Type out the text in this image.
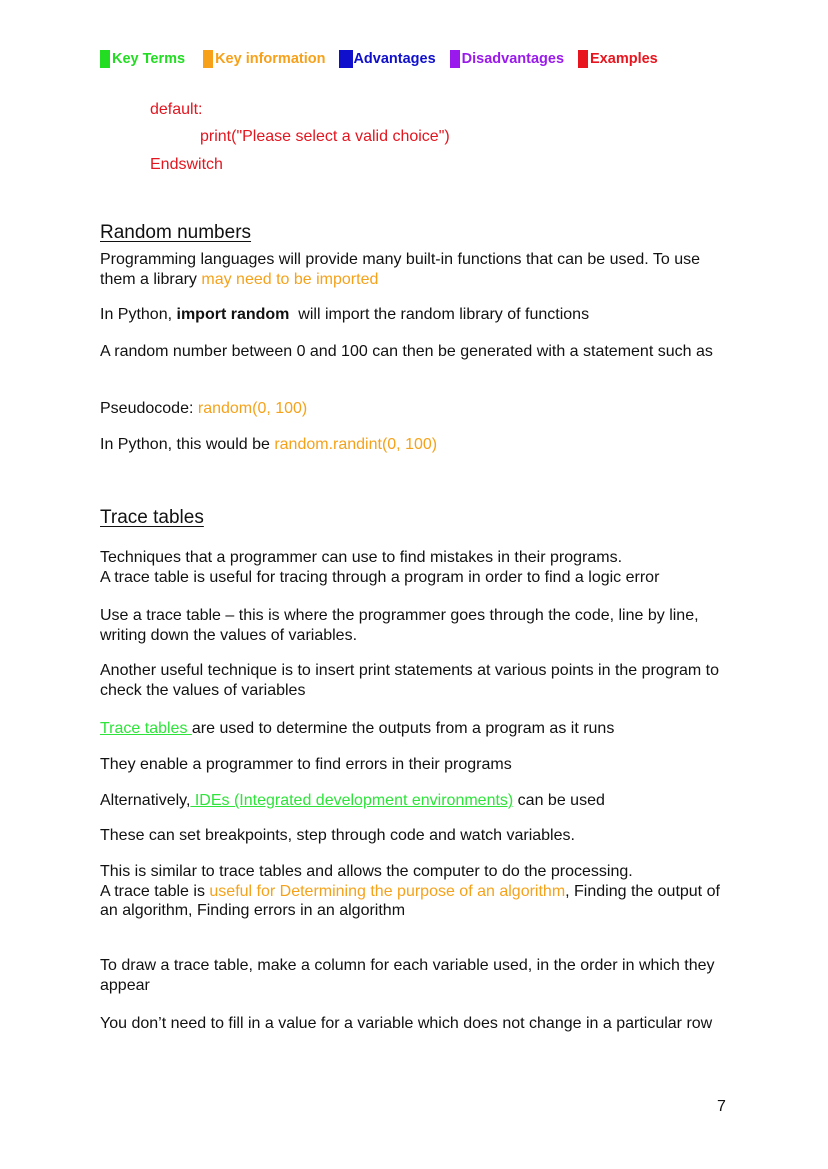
Key Terms Key information Advantages Disadvantages Examples
default:
print("Please select a valid choice")
Endswitch
Random numbers
Programming languages will provide many built-in functions that can be used. To use them a library may need to be imported
In Python, import random  will import the random library of functions
A random number between 0 and 100 can then be generated with a statement such as
Pseudocode: random(0, 100)
In Python, this would be random.randint(0, 100)
Trace tables
Techniques that a programmer can use to find mistakes in their programs.
A trace table is useful for tracing through a program in order to find a logic error
Use a trace table – this is where the programmer goes through the code, line by line, writing down the values of variables.
Another useful technique is to insert print statements at various points in the program to check the values of variables
Trace tables are used to determine the outputs from a program as it runs
They enable a programmer to find errors in their programs
Alternatively, IDEs (Integrated development environments) can be used
These can set breakpoints, step through code and watch variables.
This is similar to trace tables and allows the computer to do the processing.
A trace table is useful for Determining the purpose of an algorithm, Finding the output of an algorithm, Finding errors in an algorithm
To draw a trace table, make a column for each variable used, in the order in which they appear
You don’t need to fill in a value for a variable which does not change in a particular row
7
